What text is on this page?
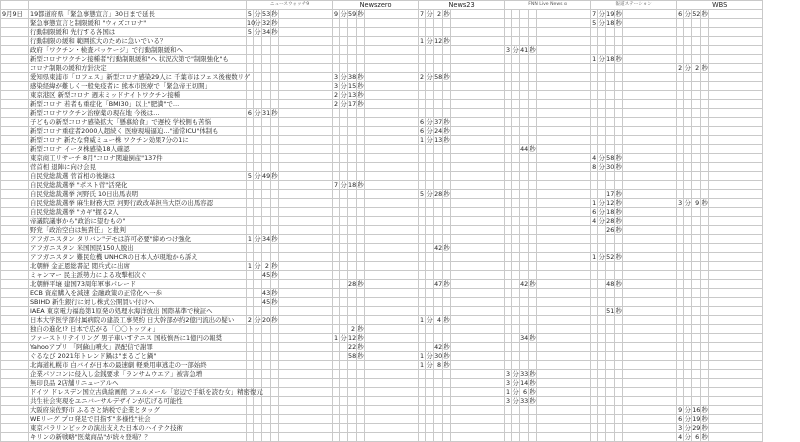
		ニュースウォッチ9					Newszero					News23					FNN Live News α					報道ステーション					WBS				
9月9日	19都道府県「緊急事態宣言」30日まで延長	5	分	53	秒		9	分	59	秒		7	分	2	秒							7	分	19	秒		6	分	52	秒	
	緊急事態宣言と制限緩和 "ウィズコロナ"	10	分	32	秒																	5	分	18	秒						
	行動制限緩和 先行する各国は	5	分	34	秒																										
	行動制限の緩和 範囲拡大のために急いでいる？											1	分	12	秒																
	政府「ワクチン・検査パッケージ」で行動制限緩和へ																3	分	41	秒											
	新型コロナワクチン接種者"行動制限緩和"へ 状況次第で"制限強化"も																					1	分	18	秒						
	コロナ制限の緩和方針決定																										2	分	2	秒	
	愛知県東浦市「ロフェス」新型コロナ感染29人に 千葉市はフェス後複数リゲ						3	分	38	秒		2	分	58	秒																
	感染経緯が難しく一般免疫者に 熊本市医療で「緊急帝王切開」						3	分	15	秒																					
	東京港区 新型コロナ 週末ミッドナイトワクチン接種						2	分	13	秒																					
	新型コロナ 若者も重症化「BMI30」以上"肥満"で…						2	分	17	秒																					
	新型コロナワクチン治療薬の現在地 今後は…	6	分	31	秒																										
	子どもの新型コロナ感染拡大「懸慕給食」で遅校 学校側も苦悩											6	分	37	秒																
	新型コロナ重症者2000人超続く 医療現場逼迫…"通常ICU"体制も											6	分	24	秒																
	新型コロナ 新たな脅威ミュー株 ワクチン効果7分の1に											1	分	13	秒																
	新型コロナ イータ株感染18人確認																		44	秒											
	東京商工リサーチ 8月"コロナ関連倒産"137件																					4	分	58	秒						
	菅首相 退陣に向け会見																					8	分	30	秒						
	自民党総裁選 菅首相の後継は	5	分	49	秒																										
	自民党総裁選挙 "ポスト菅"活発化						7	分	18	秒																					
	自民党総裁選挙 河野氏 10日出馬表明											5	分	28	秒									17	秒						
	自民党総裁選挙 麻生財務大臣 河野行政改革担当大臣の出馬容認																					1	分	12	秒		3	分	9	秒	
	自民党総裁選挙 "カギ"握る2人																					6	分	18	秒						
	帝議院議事から"政治に望むもの"																					4	分	28	秒						
	野党「政治空白は無責任」と批判																							26	秒						
	アフガニスタン タリバン"デモは許可必要"締めつけ強化	1	分	34	秒																										
	アフガニスタン 米国国民150人脱出													42	秒																
	アフガニスタン 難民危機 UNHCRの日本人が現地から訴え																					1	分	52	秒						
	北朝鮮 金正恩総書記 閲兵式に出席	1	分	2	秒																										
	ミャンマー 民主派勢力による攻撃相次ぐ			45	秒																										
	北朝鮮平壌 建国73周年軍事パレード								28	秒				47	秒				42	秒				48	秒						
	ECB 資産購入を減速 金融政策の正常化へ一歩			43	秒																										
	SBIHD 新生銀行に対し株式公開買い付けへ			45	秒																										
	IAEA 東京電力福島第1原発の処理水海洋放出 国際基準で検証へ																							51	秒						
	日本大学医学部付属病院の建設工事契約 日大幹部が約2億円流出の疑い	2	分	20	秒							1	分	4	秒																
	独自の進化!? 日本で広がる「〇〇トッツォ」								2	秒																					
	ファーストリテイリング 男子車いすテニス 国枝慎吾に1億円の報奨						1	分	12	秒									34	秒											
	Yahooアプリ 「阿蘇山噴火」誤配信で謝罪								22	秒				42	秒																
	ぐるなび 2021年トレンド鍋は"まるごと鍋"								58	秒		1	分	30	秒																
	北海道札幌市 白バイが日本の最速劇 軽乗用車逃走の一部始終											1	分	8	秒																
	企業パソコンに侵入し金銭要求「ランサムウエア」被害急増																3	分	33	秒											
	無印良品 2店舗リニューアルへ																3	分	14	秒											
	ドイツ ドレスデン国立古典絵画館 フェルメール「窓辺で手紙を読む女」精密復元																1	分	6	秒											
	共生社会実現をユニバーサルデザインが広げる可能性																3	分	33	秒											
	大阪府泉佐野市 ふるさと納税で企業とタッグ																										9	分	16	秒	
	WEリーグ プロ発足で目指す"多様性"社会																										6	分	19	秒	
	東京パラリンピックの演出支えた日本のハイテク技術																										3	分	29	秒	
	キリンの新戦略"医薬商品"が続々登場？？																										4	分	6	秒	
